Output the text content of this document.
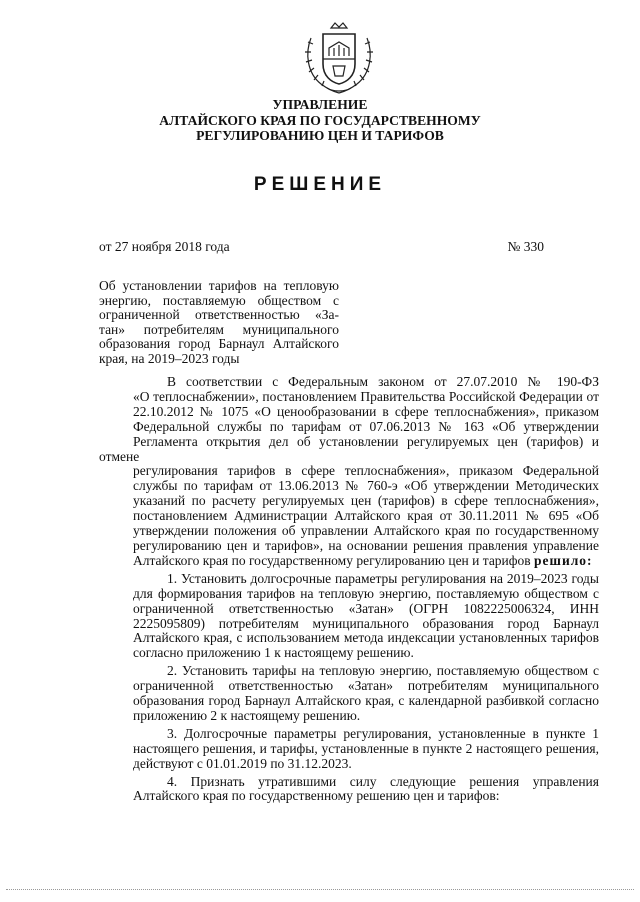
УПРАВЛЕНИЕ
АЛТАЙСКОГО КРАЯ ПО ГОСУДАРСТВЕННОМУ
РЕГУЛИРОВАНИЮ ЦЕН И ТАРИФОВ
РЕШЕНИЕ
от 27 ноября 2018 года	№ 330
Об установлении тарифов на тепловую
энергию, поставляемую обществом с
ограниченной ответственностью «За-
тан» потребителям муниципального
образования город Барнаул Алтайского
края, на 2019–2023 годы
В соответствии с Федеральным законом от 27.07.2010 № 190-ФЗ
«О теплоснабжении», постановлением Правительства Российской Федерации от
22.10.2012 № 1075 «О ценообразовании в сфере теплоснабжения», приказом
Федеральной службы по тарифам от 07.06.2013 № 163 «Об утверждении
Регламента открытия дел об установлении регулируемых цен (тарифов) и отмене
регулирования тарифов в сфере теплоснабжения», приказом Федеральной
службы по тарифам от 13.06.2013 № 760-э «Об утверждении Методических
указаний по расчету регулируемых цен (тарифов) в сфере теплоснабжения»,
постановлением Администрации Алтайского края от 30.11.2011 № 695 «Об
утверждении положения об управлении Алтайского края по государственному
регулированию цен и тарифов», на основании решения правления управление
Алтайского края по государственному регулированию цен и тарифов решило:
1. Установить долгосрочные параметры регулирования на 2019–2023 годы
для формирования тарифов на тепловую энергию, поставляемую обществом с
ограниченной ответственностью «Затан» (ОГРН 1082225006324, ИНН
2225095809) потребителям муниципального образования город Барнаул
Алтайского края, с использованием метода индексации установленных тарифов
согласно приложению 1 к настоящему решению.
2. Установить тарифы на тепловую энергию, поставляемую обществом с
ограниченной ответственностью «Затан» потребителям муниципального
образования город Барнаул Алтайского края, с календарной разбивкой согласно
приложению 2 к настоящему решению.
3. Долгосрочные параметры регулирования, установленные в пункте 1
настоящего решения, и тарифы, установленные в пункте 2 настоящего решения,
действуют с 01.01.2019 по 31.12.2023.
4. Признать утратившими силу следующие решения управления
Алтайского края по государственному решению цен и тарифов:
